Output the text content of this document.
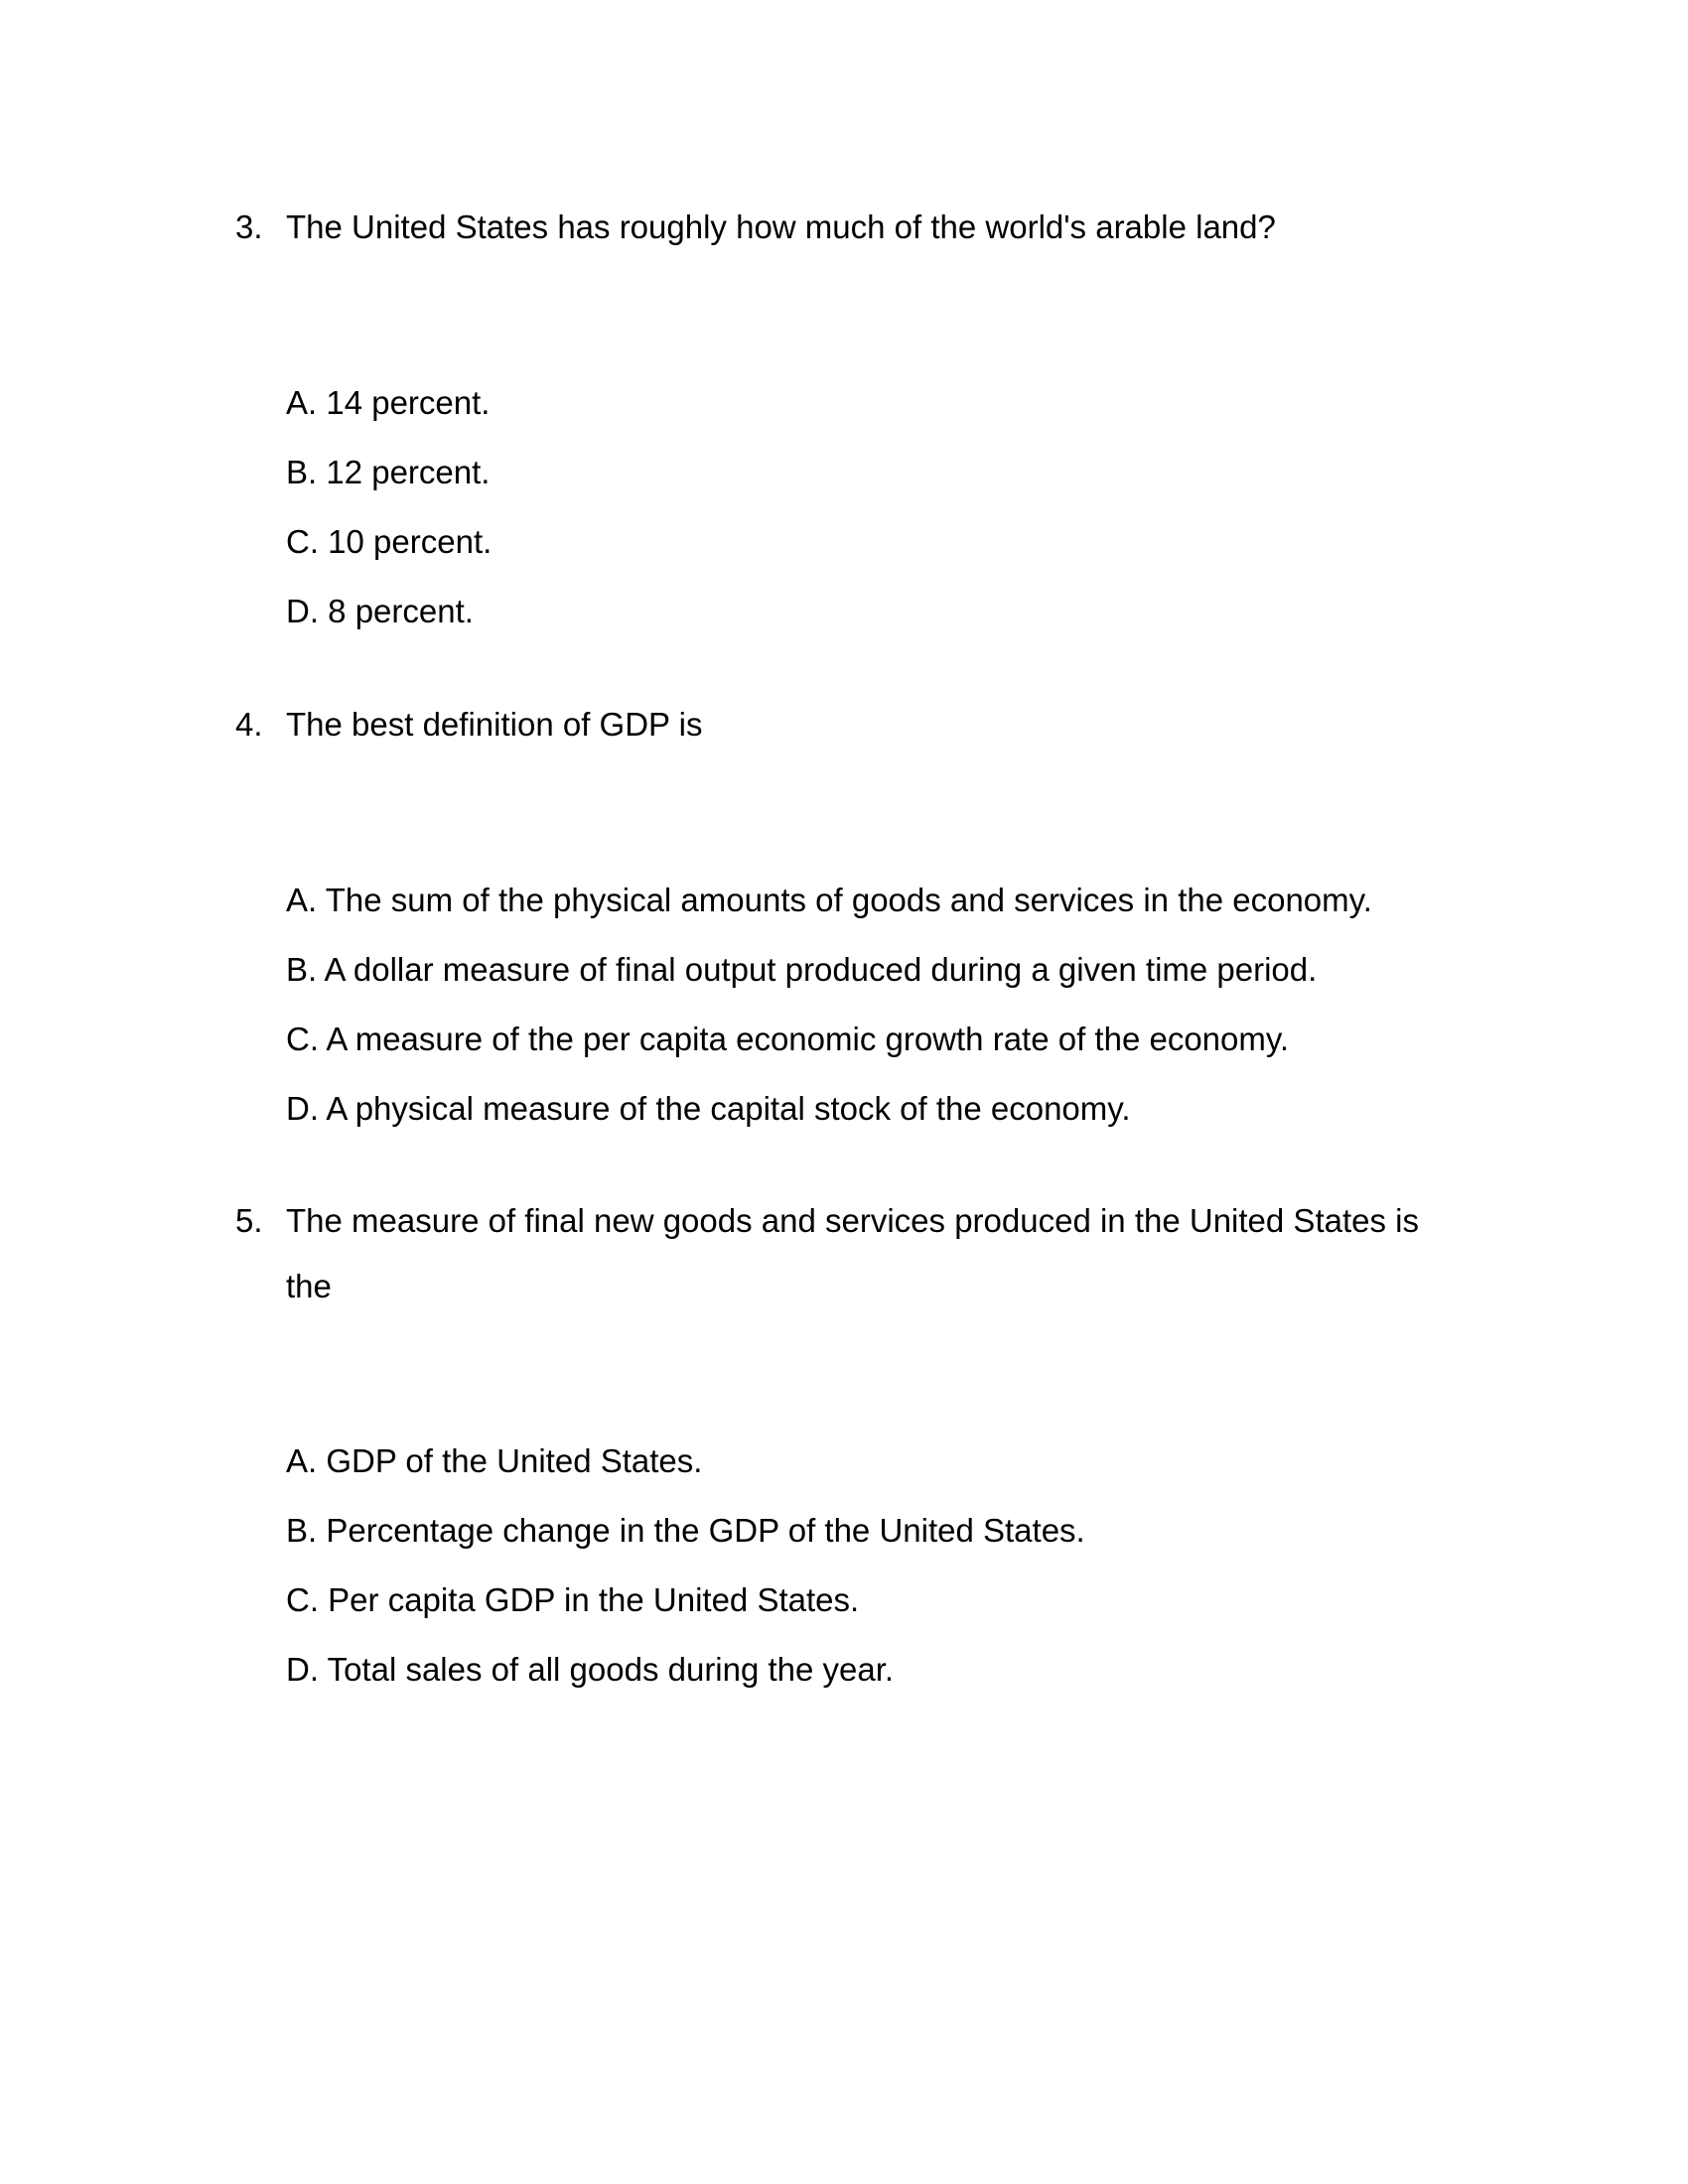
3. The United States has roughly how much of the world's arable land?
A. 14 percent.
B. 12 percent.
C. 10 percent.
D. 8 percent.
4. The best definition of GDP is
A. The sum of the physical amounts of goods and services in the economy.
B. A dollar measure of final output produced during a given time period.
C. A measure of the per capita economic growth rate of the economy.
D. A physical measure of the capital stock of the economy.
5. The measure of final new goods and services produced in the United States is the
A. GDP of the United States.
B. Percentage change in the GDP of the United States.
C. Per capita GDP in the United States.
D. Total sales of all goods during the year.
